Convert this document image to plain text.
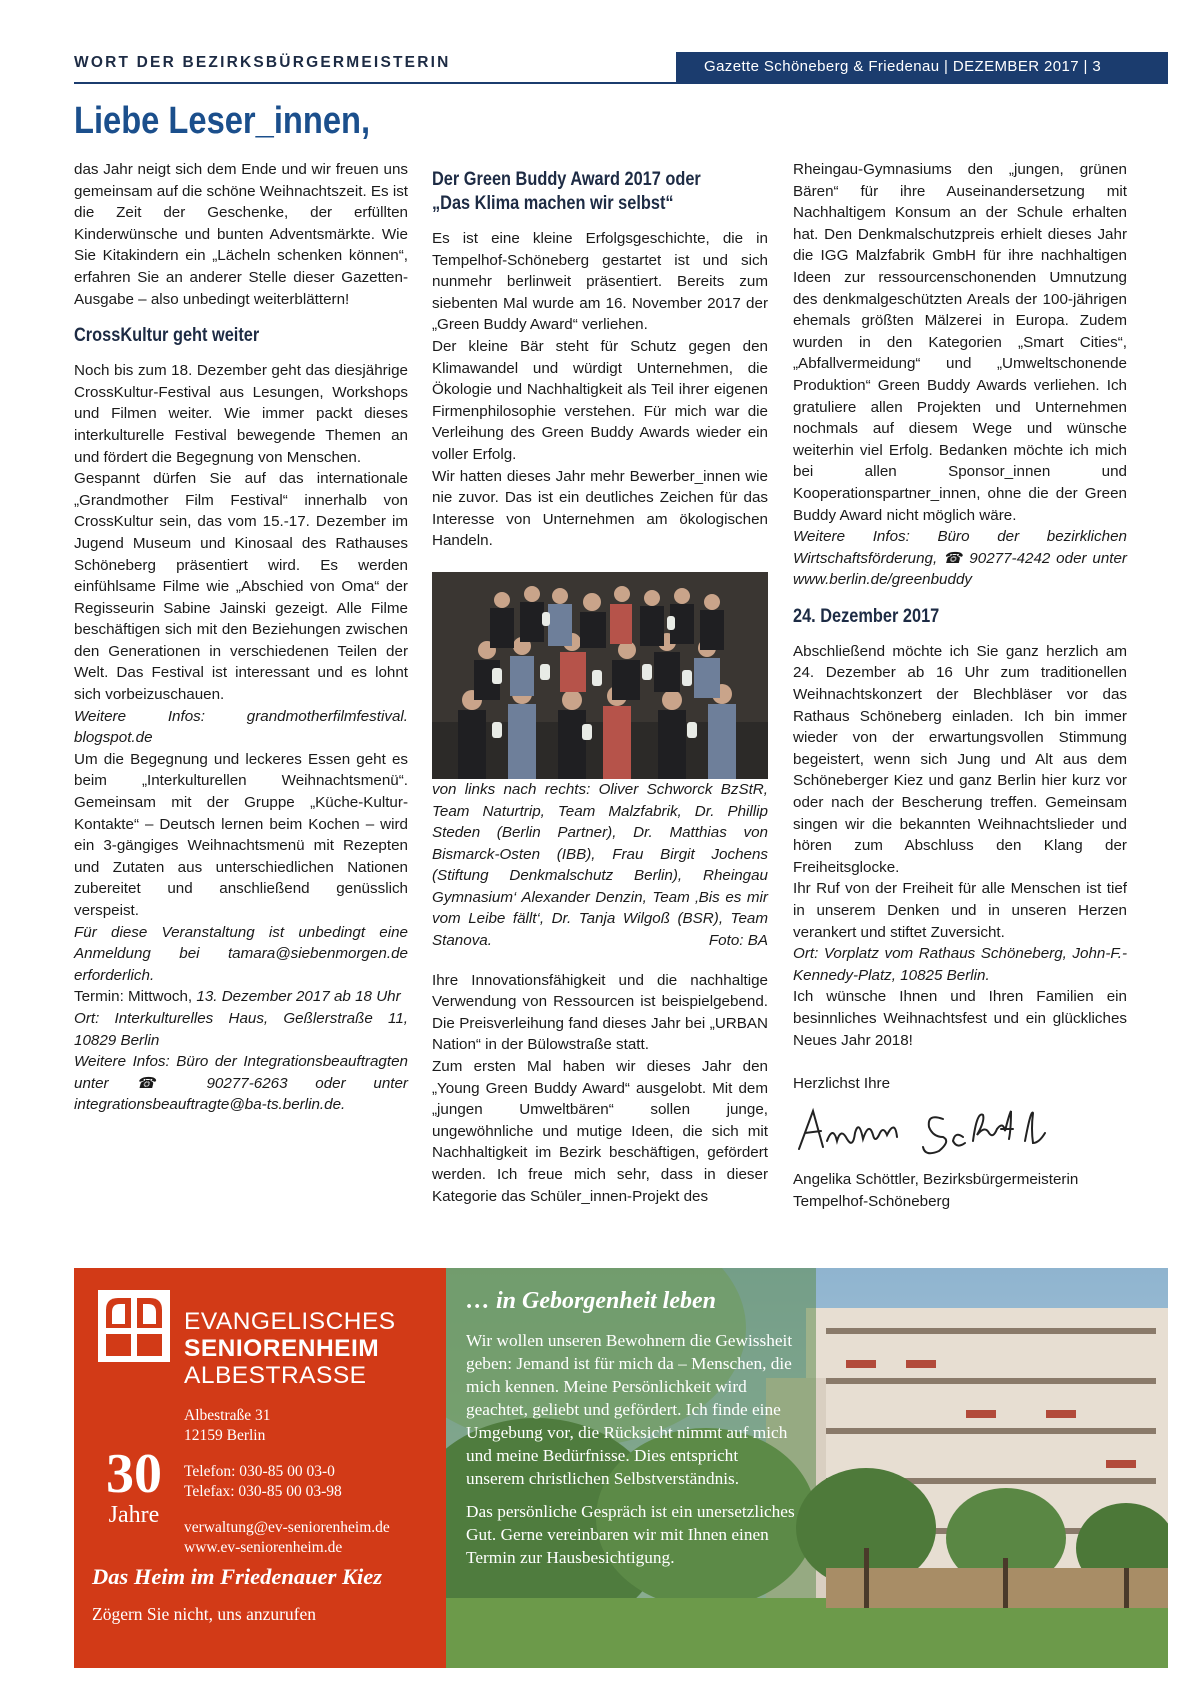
WORT DER BEZIRKSBÜRGERMEISTERIN	Gazette Schöneberg & Friedenau | DEZEMBER 2017 | 3
Liebe Leser_innen,

das Jahr neigt sich dem Ende und wir freuen uns gemeinsam auf die schöne Weihnachtszeit. Es ist die Zeit der Geschenke, der erfüllten Kinderwünsche und bunten Adventsmärkte. Wie Sie Kitakindern ein „Lächeln schenken können“, erfahren Sie an anderer Stelle dieser Gazetten-Ausgabe – also unbedingt weiterblättern!

CrossKultur geht weiter

Noch bis zum 18. Dezember geht das diesjährige CrossKultur-Festival aus Lesungen, Workshops und Filmen weiter. Wie immer packt dieses interkulturelle Festival bewegende Themen an und fördert die Begegnung von Menschen.

Gespannt dürfen Sie auf das internationale „Grandmother Film Festival“ innerhalb von CrossKultur sein, das vom 15.-17. Dezember im Jugend Museum und Kinosaal des Rathauses Schöneberg präsentiert wird. Es werden einfühlsame Filme wie „Abschied von Oma“ der Regisseurin Sabine Jainski gezeigt. Alle Filme beschäftigen sich mit den Beziehungen zwischen den Generationen in verschiedenen Teilen der Welt. Das Festival ist interessant und es lohnt sich vorbeizuschauen.

Weitere Infos: grandmotherfilmfestival. blogspot.de

Um die Begegnung und leckeres Essen geht es beim „Interkulturellen Weihnachtsmenü“. Gemeinsam mit der Gruppe „Küche-Kultur-Kontakte“ – Deutsch lernen beim Kochen – wird ein 3-gängiges Weihnachtsmenü mit Rezepten und Zutaten aus unterschiedlichen Nationen zubereitet und anschließend genüsslich verspeist.

Für diese Veranstaltung ist unbedingt eine Anmeldung bei tamara@siebenmorgen.de erforderlich.

Termin: Mittwoch, 13. Dezember 2017 ab 18 Uhr

Ort: Interkulturelles Haus, Geßlerstraße 11, 10829 Berlin

Weitere Infos: Büro der Integrationsbeauftragten unter ☎ 90277-6263 oder unter integrationsbeauftragte@ba-ts.berlin.de.

Der Green Buddy Award 2017 oder
„Das Klima machen wir selbst“

Es ist eine kleine Erfolgsgeschichte, die in Tempelhof-Schöneberg gestartet ist und sich nunmehr berlinweit präsentiert. Bereits zum siebenten Mal wurde am 16. November 2017 der „Green Buddy Award“ verliehen.

Der kleine Bär steht für Schutz gegen den Klimawandel und würdigt Unternehmen, die Ökologie und Nachhaltigkeit als Teil ihrer eigenen Firmenphilosophie verstehen. Für mich war die Verleihung des Green Buddy Awards wieder ein voller Erfolg.

Wir hatten dieses Jahr mehr Bewerber_innen wie nie zuvor. Das ist ein deutliches Zeichen für das Interesse von Unternehmen am ökologischen Handeln.

von links nach rechts: Oliver Schworck BzStR, Team Naturtrip, Team Malzfabrik, Dr. Phillip Steden (Berlin Partner), Dr. Matthias von Bismarck-Osten (IBB), Frau Birgit Jochens (Stiftung Denkmalschutz Berlin), Rheingau Gymnasium‘ Alexander Denzin, Team ‚Bis es mir vom Leibe fällt‘, Dr. Tanja Wilgoß (BSR), Team Stanova.	Foto: BA

Ihre Innovationsfähigkeit und die nachhaltige Verwendung von Ressourcen ist beispielgebend. Die Preisverleihung fand dieses Jahr bei „URBAN Nation“ in der Bülowstraße statt.

Zum ersten Mal haben wir dieses Jahr den „Young Green Buddy Award“ ausgelobt. Mit dem „jungen Umweltbären“ sollen junge, ungewöhnliche und mutige Ideen, die sich mit Nachhaltigkeit im Bezirk beschäftigen, gefördert werden. Ich freue mich sehr, dass in dieser Kategorie das Schüler_innen-Projekt des

Rheingau-Gymnasiums den „jungen, grünen Bären“ für ihre Auseinandersetzung mit Nachhaltigem Konsum an der Schule erhalten hat. Den Denkmalschutzpreis erhielt dieses Jahr die IGG Malzfabrik GmbH für ihre nachhaltigen Ideen zur ressourcenschonenden Umnutzung des denkmalgeschützten Areals der 100-jährigen ehemals größten Mälzerei in Europa. Zudem wurden in den Kategorien „Smart Cities“, „Abfallvermeidung“ und „Umweltschonende Produktion“ Green Buddy Awards verliehen. Ich gratuliere allen Projekten und Unternehmen nochmals auf diesem Wege und wünsche weiterhin viel Erfolg. Bedanken möchte ich mich bei allen Sponsor_innen und Kooperationspartner_innen, ohne die der Green Buddy Award nicht möglich wäre.

Weitere Infos: Büro der bezirklichen Wirtschaftsförderung, ☎ 90277-4242 oder unter www.berlin.de/greenbuddy

24. Dezember 2017

Abschließend möchte ich Sie ganz herzlich am 24. Dezember ab 16 Uhr zum traditionellen Weihnachtskonzert der Blechbläser vor das Rathaus Schöneberg einladen. Ich bin immer wieder von der erwartungsvollen Stimmung begeistert, wenn sich Jung und Alt aus dem Schöneberger Kiez und ganz Berlin hier kurz vor oder nach der Bescherung treffen. Gemeinsam singen wir die bekannten Weihnachtslieder und hören zum Abschluss den Klang der Freiheitsglocke.

Ihr Ruf von der Freiheit für alle Menschen ist tief in unserem Denken und in unseren Herzen verankert und stiftet Zuversicht.

Ort: Vorplatz vom Rathaus Schöneberg, John-F.-Kennedy-Platz, 10825 Berlin.

Ich wünsche Ihnen und Ihren Familien ein besinnliches Weihnachtsfest und ein glückliches Neues Jahr 2018!

Herzlichst Ihre

Angelika Schöttler, Bezirksbürgermeisterin

Tempelhof-Schöneberg

EVANGELISCHES
SENIORENHEIM
ALBESTRASSE
30
Jahre
Albestraße 31
12159 Berlin
Telefon: 030-85 00 03-0
Telefax: 030-85 00 03-98
verwaltung@ev-seniorenheim.de
www.ev-seniorenheim.de
Das Heim im Friedenauer Kiez
Zögern Sie nicht, uns anzurufen
… in Geborgenheit leben

Wir wollen unseren Bewohnern die Gewissheit geben: Jemand ist für mich da – Menschen, die mich kennen. Meine Persönlichkeit wird geachtet, geliebt und gefördert. Ich finde eine Umgebung vor, die Rücksicht nimmt auf mich und meine Bedürfnisse. Dies entspricht unserem christlichen Selbstverständnis.

Das persönliche Gespräch ist ein unersetzliches Gut. Gerne vereinbaren wir mit Ihnen einen Termin zur Hausbesichtigung.
